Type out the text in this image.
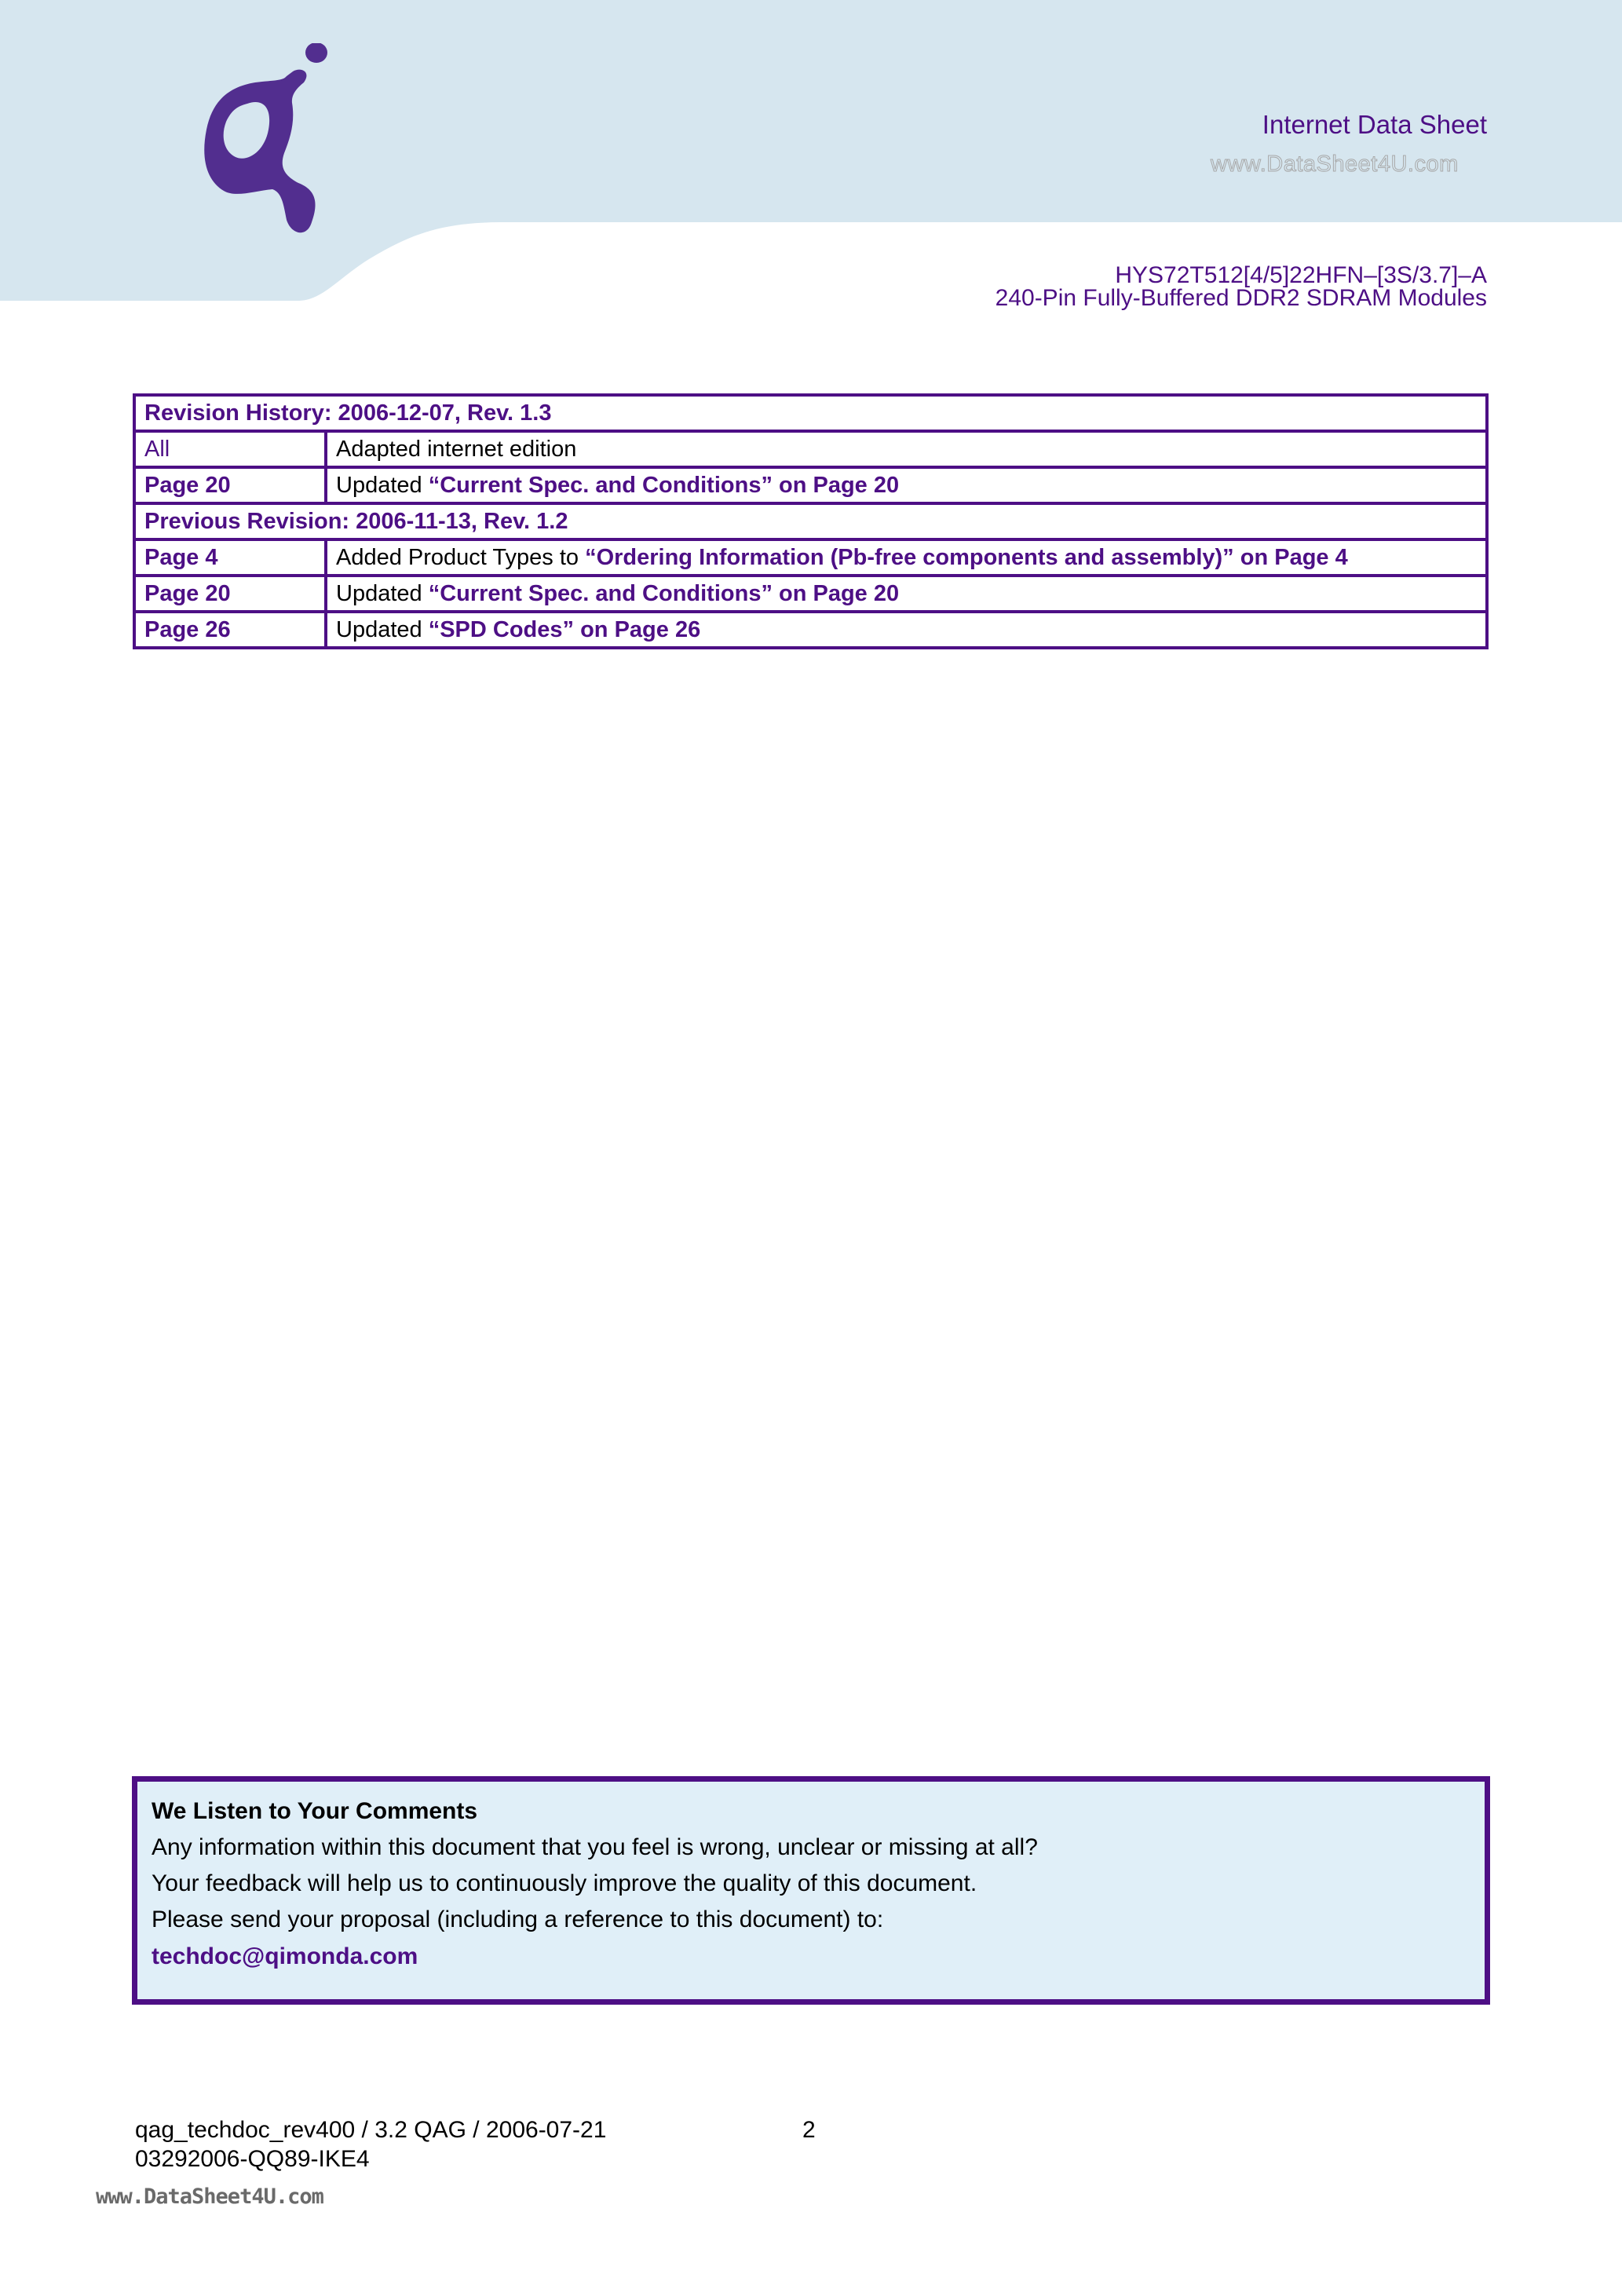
Internet Data Sheet
www.DataSheet4U.com
HYS72T512[4/5]22HFN–[3S/3.7]–A
240-Pin Fully-Buffered DDR2 SDRAM Modules
Revision History: 2006-12-07, Rev. 1.3	
All	Adapted internet edition
Page 20	Updated “Current Spec. and Conditions” on Page 20
Previous Revision: 2006-11-13, Rev. 1.2	
Page 4	Added Product Types to “Ordering Information (Pb-free components and assembly)” on Page 4
Page 20	Updated “Current Spec. and Conditions” on Page 20
Page 26	Updated “SPD Codes” on Page 26
We Listen to Your Comments
Any information within this document that you feel is wrong, unclear or missing at all?
Your feedback will help us to continuously improve the quality of this document.
Please send your proposal (including a reference to this document) to:
techdoc@qimonda.com
qag_techdoc_rev400 / 3.2 QAG / 2006-07-21
03292006-QQ89-IKE4
2
www.DataSheet4U.com
